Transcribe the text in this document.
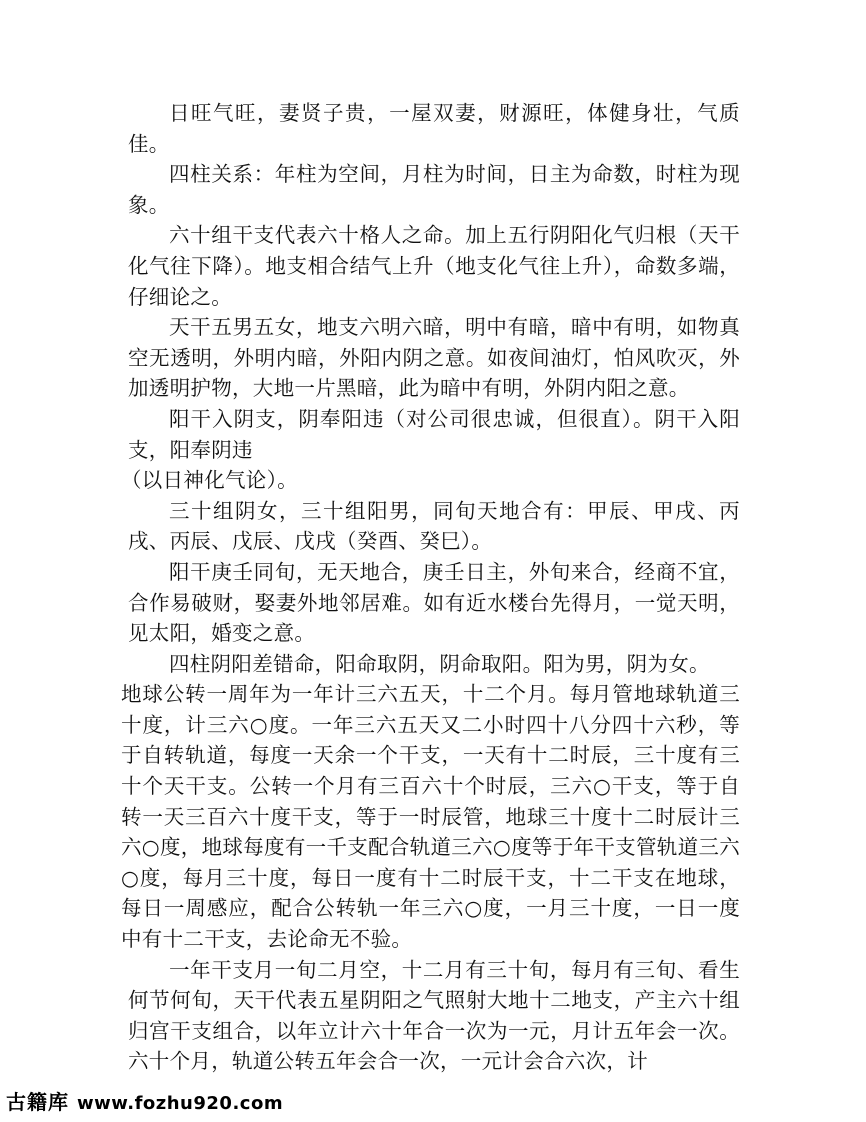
日旺气旺，妻贤子贵，一屋双妻，财源旺，体健身壮，气质佳。

四柱关系：年柱为空间，月柱为时间，日主为命数，时柱为现象。

六十组干支代表六十格人之命。加上五行阴阳化气归根（天干化气往下降）。地支相合结气上升（地支化气往上升），命数多端，仔细论之。

天干五男五女，地支六明六暗，明中有暗，暗中有明，如物真空无透明，外明内暗，外阳内阴之意。如夜间油灯，怕风吹灭，外加透明护物，大地一片黑暗，此为暗中有明，外阴内阳之意。

阳干入阴支，阴奉阳违（对公司很忠诚，但很直）。阴干入阳支，阳奉阴违

（以日神化气论）。

三十组阴女，三十组阳男，同旬天地合有：甲辰、甲戌、丙戌、丙辰、戊辰、戊戌（癸酉、癸巳）。

阳干庚壬同旬，无天地合，庚壬日主，外旬来合，经商不宜，合作易破财，娶妻外地邻居难。如有近水楼台先得月，一觉天明，见太阳，婚变之意。

四柱阴阳差错命，阳命取阴，阴命取阳。阳为男，阴为女。

地球公转一周年为一年计三六五天，十二个月。每月管地球轨道三十度，计三六○度。一年三六五天又二小时四十八分四十六秒，等于自转轨道，每度一天余一个干支，一天有十二时辰，三十度有三十个天干支。公转一个月有三百六十个时辰，三六○干支，等于自转一天三百六十度干支，等于一时辰管，地球三十度十二时辰计三六○度，地球每度有一千支配合轨道三六○度等于年干支管轨道三六○度，每月三十度，每日一度有十二时辰干支，十二干支在地球，每日一周感应，配合公转轨一年三六○度，一月三十度，一日一度中有十二干支，去论命无不验。

一年干支月一旬二月空，十二月有三十旬，每月有三旬、看生何节何旬，天干代表五星阴阳之气照射大地十二地支，产主六十组归宫干支组合，以年立计六十年合一次为一元，月计五年会一次。六十个月，轨道公转五年会合一次，一元计会合六次，计

古籍库 www.fozhu920.com
